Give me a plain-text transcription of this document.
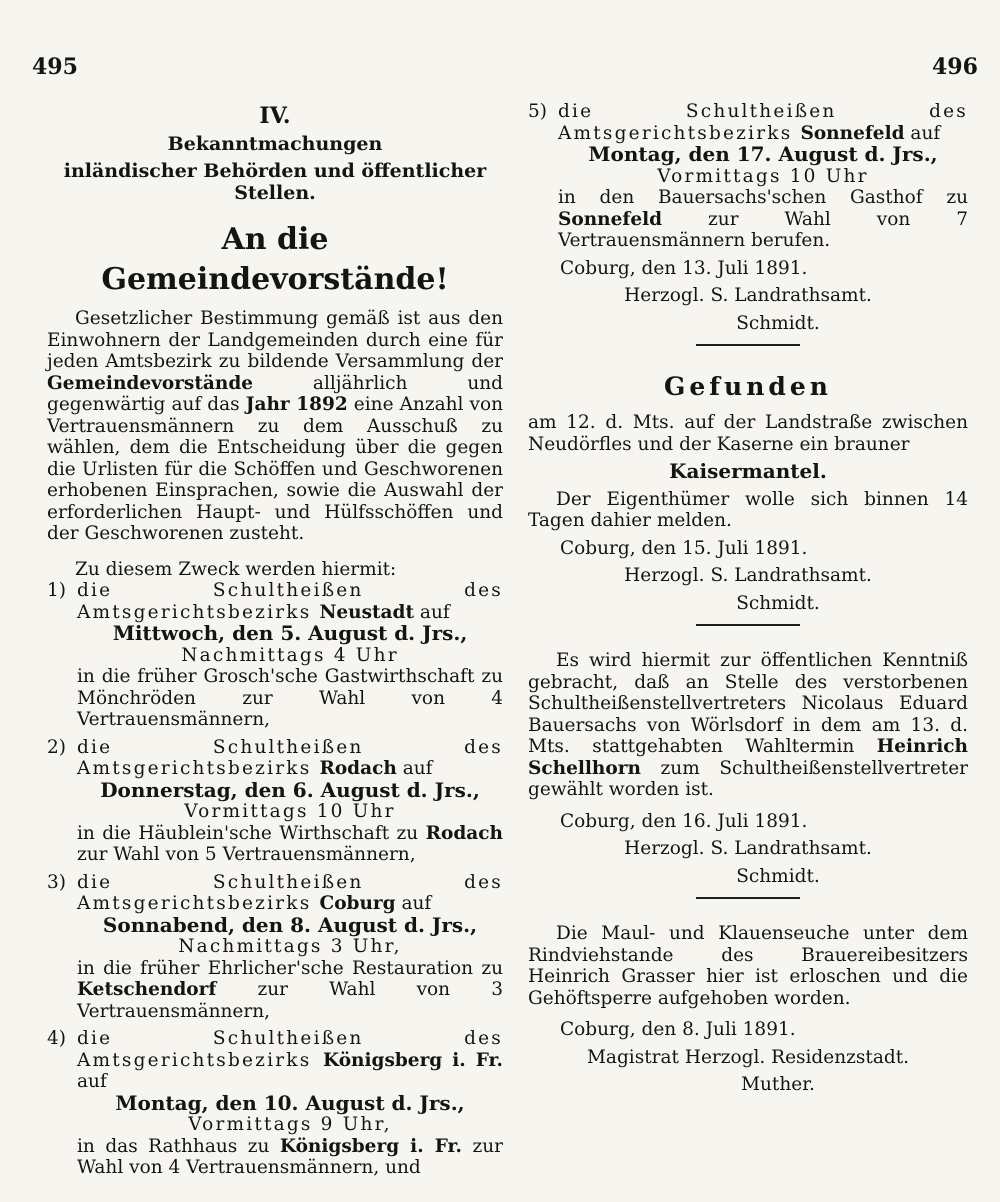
495	496
IV.
Bekanntmachungen
inländischer Behörden und öffentlicher Stellen.
An die Gemeindevorstände!

Gesetzlicher Bestimmung gemäß ist aus den Einwohnern der Landgemeinden durch eine für jeden Amtsbezirk zu bildende Versammlung der Gemeindevorstände alljährlich und gegenwärtig auf das Jahr 1892 eine Anzahl von Vertrauensmännern zu dem Ausschuß zu wählen, dem die Entscheidung über die gegen die Urlisten für die Schöffen und Geschworenen erhobenen Einsprachen, sowie die Auswahl der erforderlichen Haupt- und Hülfsschöffen und der Geschworenen zusteht.

Zu diesem Zweck werden hiermit:

1) die Schultheißen des Amtsgerichtsbezirks Neustadt auf

Mittwoch, den 5. August d. Jrs.,

Nachmittags 4 Uhr

in die früher Grosch'sche Gastwirthschaft zu Mönchröden zur Wahl von 4 Vertrauensmännern,

2) die Schultheißen des Amtsgerichtsbezirks Rodach auf

Donnerstag, den 6. August d. Jrs.,

Vormittags 10 Uhr

in die Häublein'sche Wirthschaft zu Rodach zur Wahl von 5 Vertrauensmännern,

3) die Schultheißen des Amtsgerichtsbezirks Coburg auf

Sonnabend, den 8. August d. Jrs.,

Nachmittags 3 Uhr,

in die früher Ehrlicher'sche Restauration zu Ketschendorf zur Wahl von 3 Vertrauensmännern,

4) die Schultheißen des Amtsgerichtsbezirks Königsberg i. Fr. auf

Montag, den 10. August d. Jrs.,

Vormittags 9 Uhr,

in das Rathhaus zu Königsberg i. Fr. zur Wahl von 4 Vertrauensmännern, und

5) die Schultheißen des Amtsgerichtsbezirks Sonnefeld auf

Montag, den 17. August d. Jrs.,

Vormittags 10 Uhr

in den Bauersachs'schen Gasthof zu Sonnefeld zur Wahl von 7 Vertrauensmännern berufen.

Coburg, den 13. Juli 1891.

Herzogl. S. Landrathsamt.

Schmidt.

Gefunden

am 12. d. Mts. auf der Landstraße zwischen Neudörfles und der Kaserne ein brauner

Kaisermantel.

Der Eigenthümer wolle sich binnen 14 Tagen dahier melden.

Coburg, den 15. Juli 1891.

Herzogl. S. Landrathsamt.

Schmidt.

Es wird hiermit zur öffentlichen Kenntniß gebracht, daß an Stelle des verstorbenen Schultheißenstellvertreters Nicolaus Eduard Bauersachs von Wörlsdorf in dem am 13. d. Mts. stattgehabten Wahltermin Heinrich Schellhorn zum Schultheißenstellvertreter gewählt worden ist.

Coburg, den 16. Juli 1891.

Herzogl. S. Landrathsamt.

Schmidt.

Die Maul- und Klauenseuche unter dem Rindviehstande des Brauereibesitzers Heinrich Grasser hier ist erloschen und die Gehöftsperre aufgehoben worden.

Coburg, den 8. Juli 1891.

Magistrat Herzogl. Residenzstadt.

Muther.
